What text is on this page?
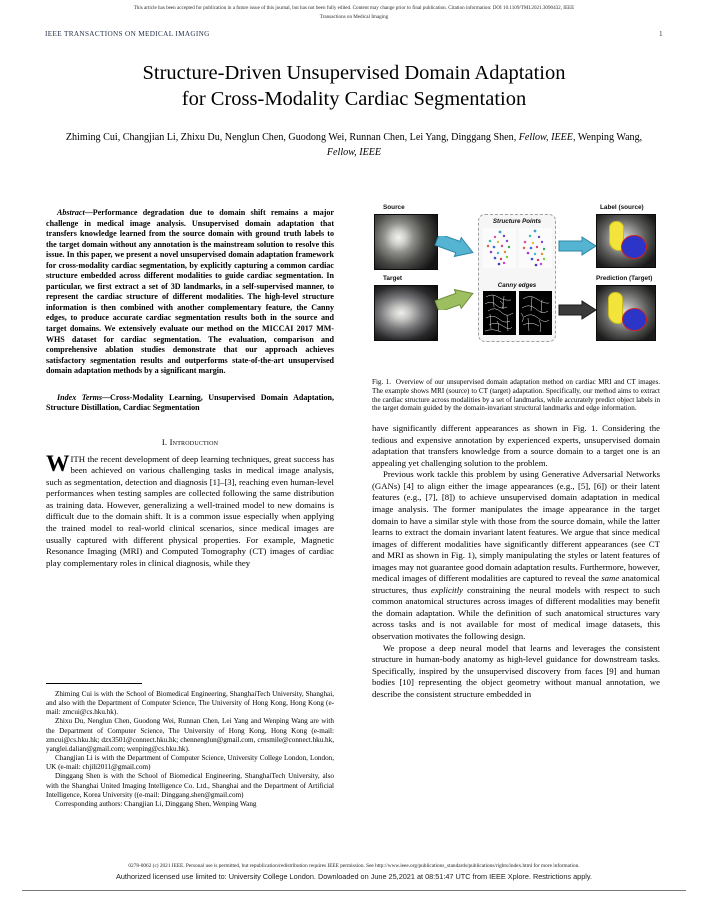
This article has been accepted for publication in a future issue of this journal, but has not been fully edited. Content may change prior to final publication. Citation information: DOI 10.1109/TMI.2021.3090432, IEEE
Transactions on Medical Imaging
IEEE TRANSACTIONS ON MEDICAL IMAGING	1
Structure-Driven Unsupervised Domain Adaptation
for Cross-Modality Cardiac Segmentation
Zhiming Cui, Changjian Li, Zhixu Du, Nenglun Chen, Guodong Wei, Runnan Chen, Lei Yang, Dinggang Shen, Fellow, IEEE, Wenping Wang, Fellow, IEEE

Abstract—Performance degradation due to domain shift remains a major challenge in medical image analysis. Unsupervised domain adaptation that transfers knowledge learned from the source domain with ground truth labels to the target domain without any annotation is the mainstream solution to resolve this issue. In this paper, we present a novel unsupervised domain adaptation framework for cross-modality cardiac segmentation, by explicitly capturing a common cardiac structure embedded across different modalities to guide cardiac segmentation. In particular, we first extract a set of 3D landmarks, in a self-supervised manner, to represent the cardiac structure of different modalities. The high-level structure information is then combined with another complementary feature, the Canny edges, to produce accurate cardiac segmentation results both in the source and target domains. We extensively evaluate our method on the MICCAI 2017 MM-WHS dataset for cardiac segmentation. The evaluation, comparison and comprehensive ablation studies demonstrate that our approach achieves satisfactory segmentation results and outperforms state-of-the-art unsupervised domain adaptation methods by a significant margin.

Index Terms—Cross-Modality Learning, Unsupervised Domain Adaptation, Structure Distillation, Cardiac Segmentation

I. Introduction

WITH the recent development of deep learning techniques, great success has been achieved on various challenging tasks in medical image analysis, such as segmentation, detection and diagnosis [1]–[3], reaching even human-level performances when testing samples are collected following the same distribution as training data. However, generalizing a well-trained model to new domains is difficult due to the domain shift. It is a common issue especially when applying the trained model to real-world clinical scenarios, since medical images are usually captured with different physical properties. For example, Magnetic Resonance Imaging (MRI) and Computed Tomography (CT) images of cardiac play complementary roles in clinical diagnosis, while they

Zhiming Cui is with the School of Biomedical Engineering, ShanghaiTech University, Shanghai, and also with the Department of Computer Science, The University of Hong Kong, Hong Kong (e-mail: zmcui@cs.hku.hk).

Zhixu Du, Nenglun Chen, Guodong Wei, Runnan Chen, Lei Yang and Wenping Wang are with the Department of Computer Science, The University of Hong Kong, Hong Kong (e-mail: zmcui@cs.hku.hk; dzx3501@connect.hku.hk; chennenglun@gmail.com, crnsmile@connect.hku.hk, yanglei.dalian@gmail.com; wenping@cs.hku.hk).

Changjian Li is with the Department of Computer Science, University College London, London, UK (e-mail: chjili2011@gmail.com)

Dinggang Shen is with the School of Biomedical Engineering, ShanghaiTech University, also with the Shanghai United Imaging Intelligence Co. Ltd., Shanghai and the Department of Artificial Intelligence, Korea University ((e-mail: Dinggang.shen@gmail.com)

Corresponding authors: Changjian Li, Dinggang Shen, Wenping Wang

Source
Target
Structure Points
Canny edges
Label (source)
Prediction (Target)

Fig. 1. Overview of our unsupervised domain adaptation method on cardiac MRI and CT images. The example shows MRI (source) to CT (target) adaptation. Specifically, our method aims to extract the cardiac structure across modalities by a set of landmarks, while accurately predict object labels in the target domain guided by the domain-invariant structural landmarks and edge information.

have significantly different appearances as shown in Fig. 1. Considering the tedious and expensive annotation by experienced experts, unsupervised domain adaptation that transfers knowledge from a source domain to a target one is an appealing yet challenging solution to the problem.

Previous work tackle this problem by using Generative Adversarial Networks (GANs) [4] to align either the image appearances (e.g., [5], [6]) or their latent features (e.g., [7], [8]) to achieve unsupervised domain adaptation in medical image analysis. The former manipulates the image appearance in the target domain to have a similar style with those from the source domain, while the latter learns to extract the domain invariant latent features. We argue that since medical images of different modalities have significantly different appearances (see CT and MRI as shown in Fig. 1), simply manipulating the styles or latent features of images may not guarantee good domain adaptation results. Furthermore, however, medical images of different modalities are captured to reveal the same anatomical structures, thus explicitly constraining the neural models with respect to such common anatomical structures across images of different modalities may benefit the domain adaptation. While the definition of such anatomical structures vary across tasks and is not available for most of medical image datasets, this observation motivates the following design.

We propose a deep neural model that learns and leverages the consistent structure in human-body anatomy as high-level guidance for downstream tasks. Specifically, inspired by the unsupervised discovery from faces [9] and human bodies [10] representing the object geometry without manual annotation, we describe the consistent structure embedded in

0278-0062 (c) 2021 IEEE. Personal use is permitted, but republication/redistribution requires IEEE permission. See http://www.ieee.org/publications_standards/publications/rights/index.html for more information.
Authorized licensed use limited to: University College London. Downloaded on June 25,2021 at 08:51:47 UTC from IEEE Xplore. Restrictions apply.
